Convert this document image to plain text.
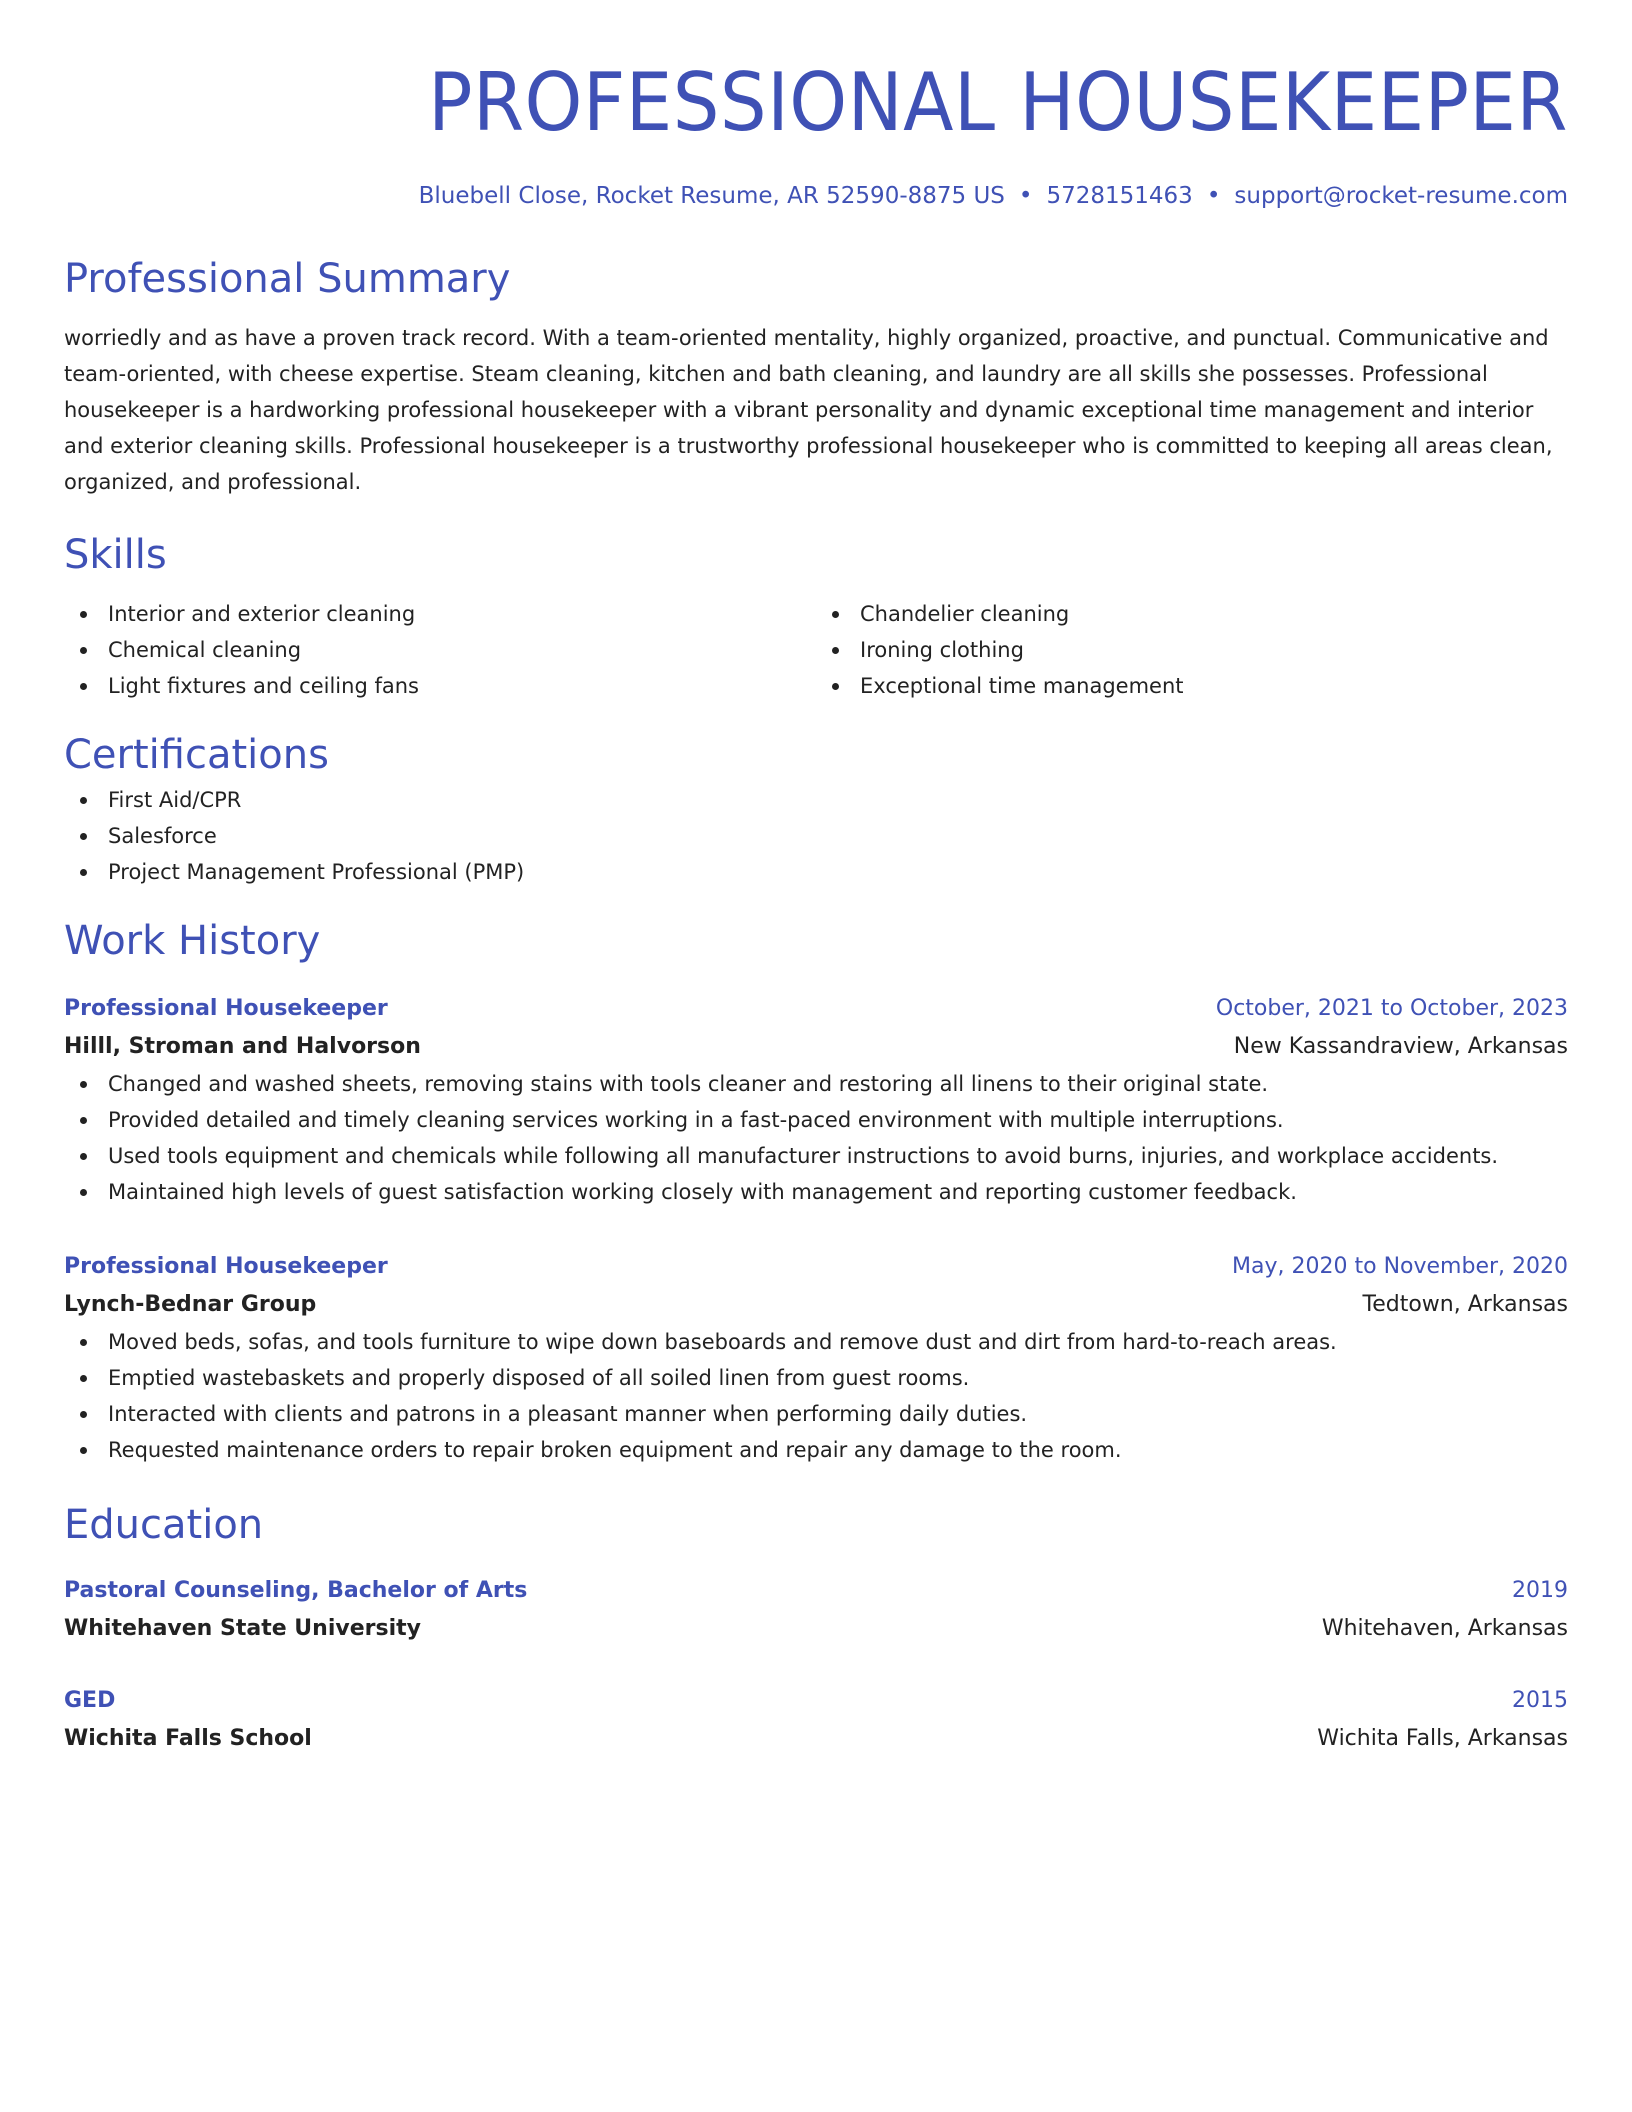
PROFESSIONAL HOUSEKEEPER
Bluebell Close, Rocket Resume, AR 52590-8875 US • 5728151463 • support@rocket-resume.com
Professional Summary

worriedly and as have a proven track record. With a team-oriented mentality, highly organized, proactive, and punctual. Communicative and team-oriented, with cheese expertise. Steam cleaning, kitchen and bath cleaning, and laundry are all skills she possesses. Professional housekeeper is a hardworking professional housekeeper with a vibrant personality and dynamic exceptional time management and interior and exterior cleaning skills. Professional housekeeper is a trustworthy professional housekeeper who is committed to keeping all areas clean, organized, and professional.

Skills
Interior and exterior cleaning
Chemical cleaning
Light fixtures and ceiling fans
Chandelier cleaning
Ironing clothing
Exceptional time management
Certifications
First Aid/CPR
Salesforce
Project Management Professional (PMP)
Work History
Professional Housekeeper	October, 2021 to October, 2023
Hilll, Stroman and Halvorson	New Kassandraview, Arkansas
Changed and washed sheets, removing stains with tools cleaner and restoring all linens to their original state.
Provided detailed and timely cleaning services working in a fast-paced environment with multiple interruptions.
Used tools equipment and chemicals while following all manufacturer instructions to avoid burns, injuries, and workplace accidents.
Maintained high levels of guest satisfaction working closely with management and reporting customer feedback.
Professional Housekeeper	May, 2020 to November, 2020
Lynch-Bednar Group	Tedtown, Arkansas
Moved beds, sofas, and tools furniture to wipe down baseboards and remove dust and dirt from hard-to-reach areas.
Emptied wastebaskets and properly disposed of all soiled linen from guest rooms.
Interacted with clients and patrons in a pleasant manner when performing daily duties.
Requested maintenance orders to repair broken equipment and repair any damage to the room.
Education
Pastoral Counseling, Bachelor of Arts	2019
Whitehaven State University	Whitehaven, Arkansas
GED	2015
Wichita Falls School	Wichita Falls, Arkansas
